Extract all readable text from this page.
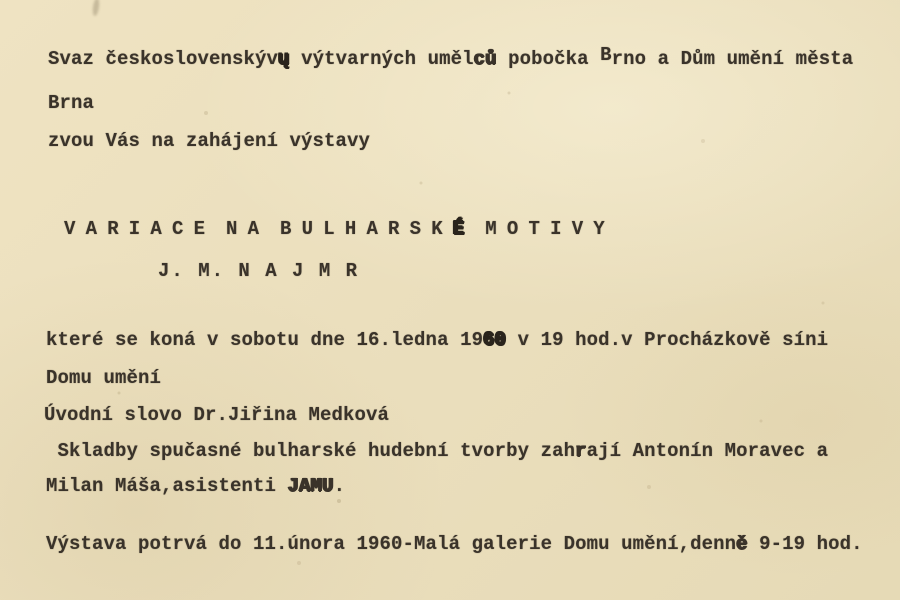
Svaz československývų výtvarných umělců pobočka Brno a Dům umění města
Brna
zvou Vás na zahájení výstavy
V A R I A C E  N A  B U L H A R S K É  M O T I V Y
J. M. N A J M R
které se koná v sobotu dne 16.ledna 1960 v 19 hod.v Procházkově síni
Domu umění
Úvodní slovo Dr.Jiřina Medková
Skladby spučasné bulharské hudební tvorby zahrají Antonín Moravec a
Milan Máša,asistenti JAMU.
Výstava potrvá do 11.února 1960-Malá galerie Domu umění,denně 9-19 hod.
